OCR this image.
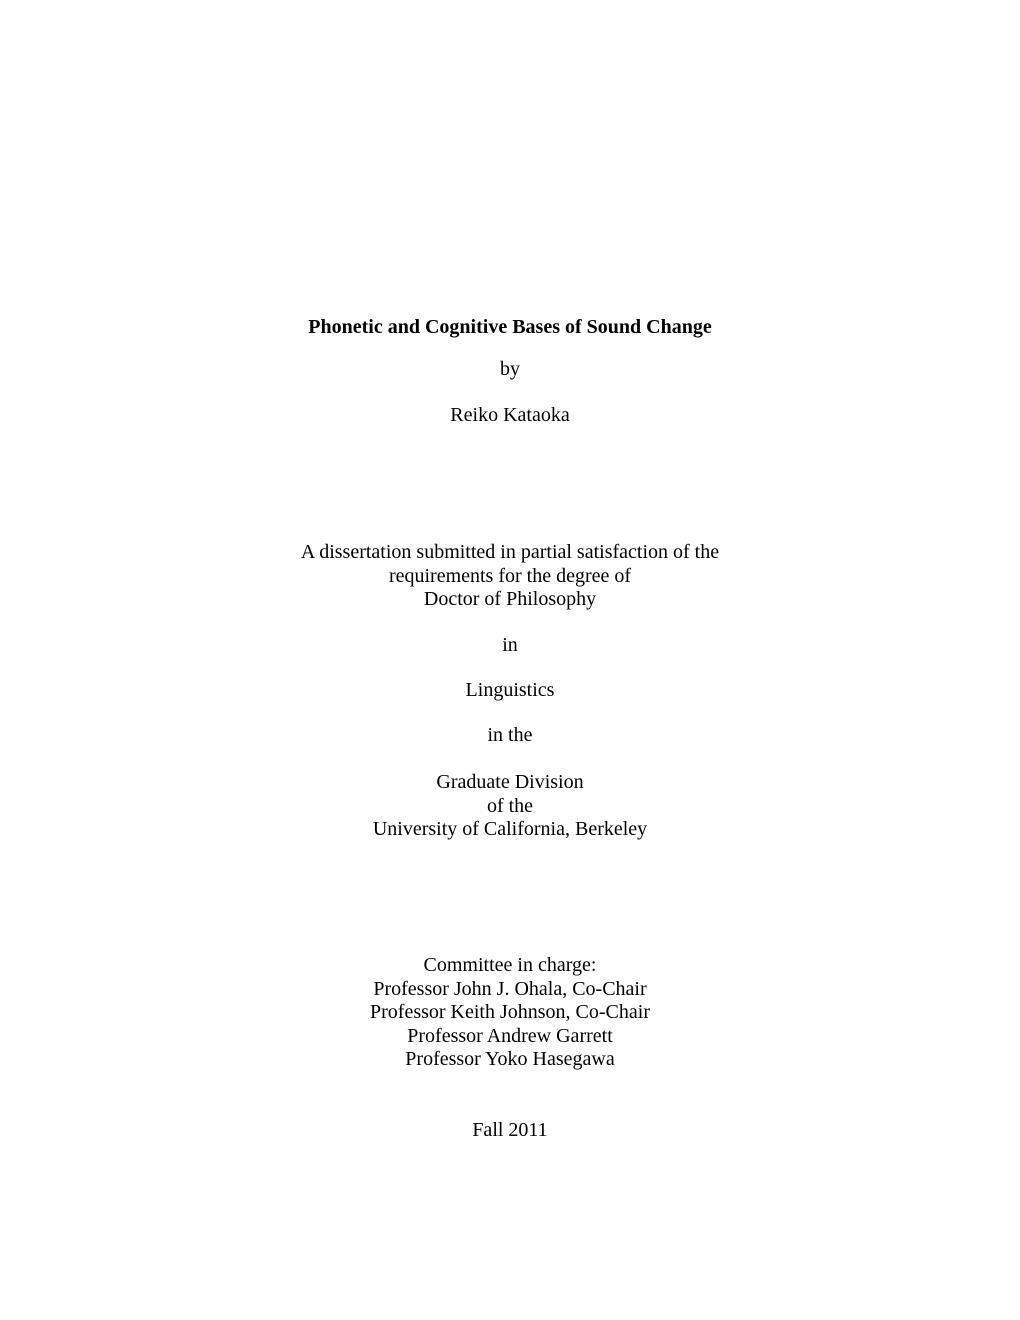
Phonetic and Cognitive Bases of Sound Change
by
Reiko Kataoka
A dissertation submitted in partial satisfaction of the
requirements for the degree of
Doctor of Philosophy
in
Linguistics
in the
Graduate Division
of the
University of California, Berkeley
Committee in charge:
Professor John J. Ohala, Co-Chair
Professor Keith Johnson, Co-Chair
Professor Andrew Garrett
Professor Yoko Hasegawa
Fall 2011
